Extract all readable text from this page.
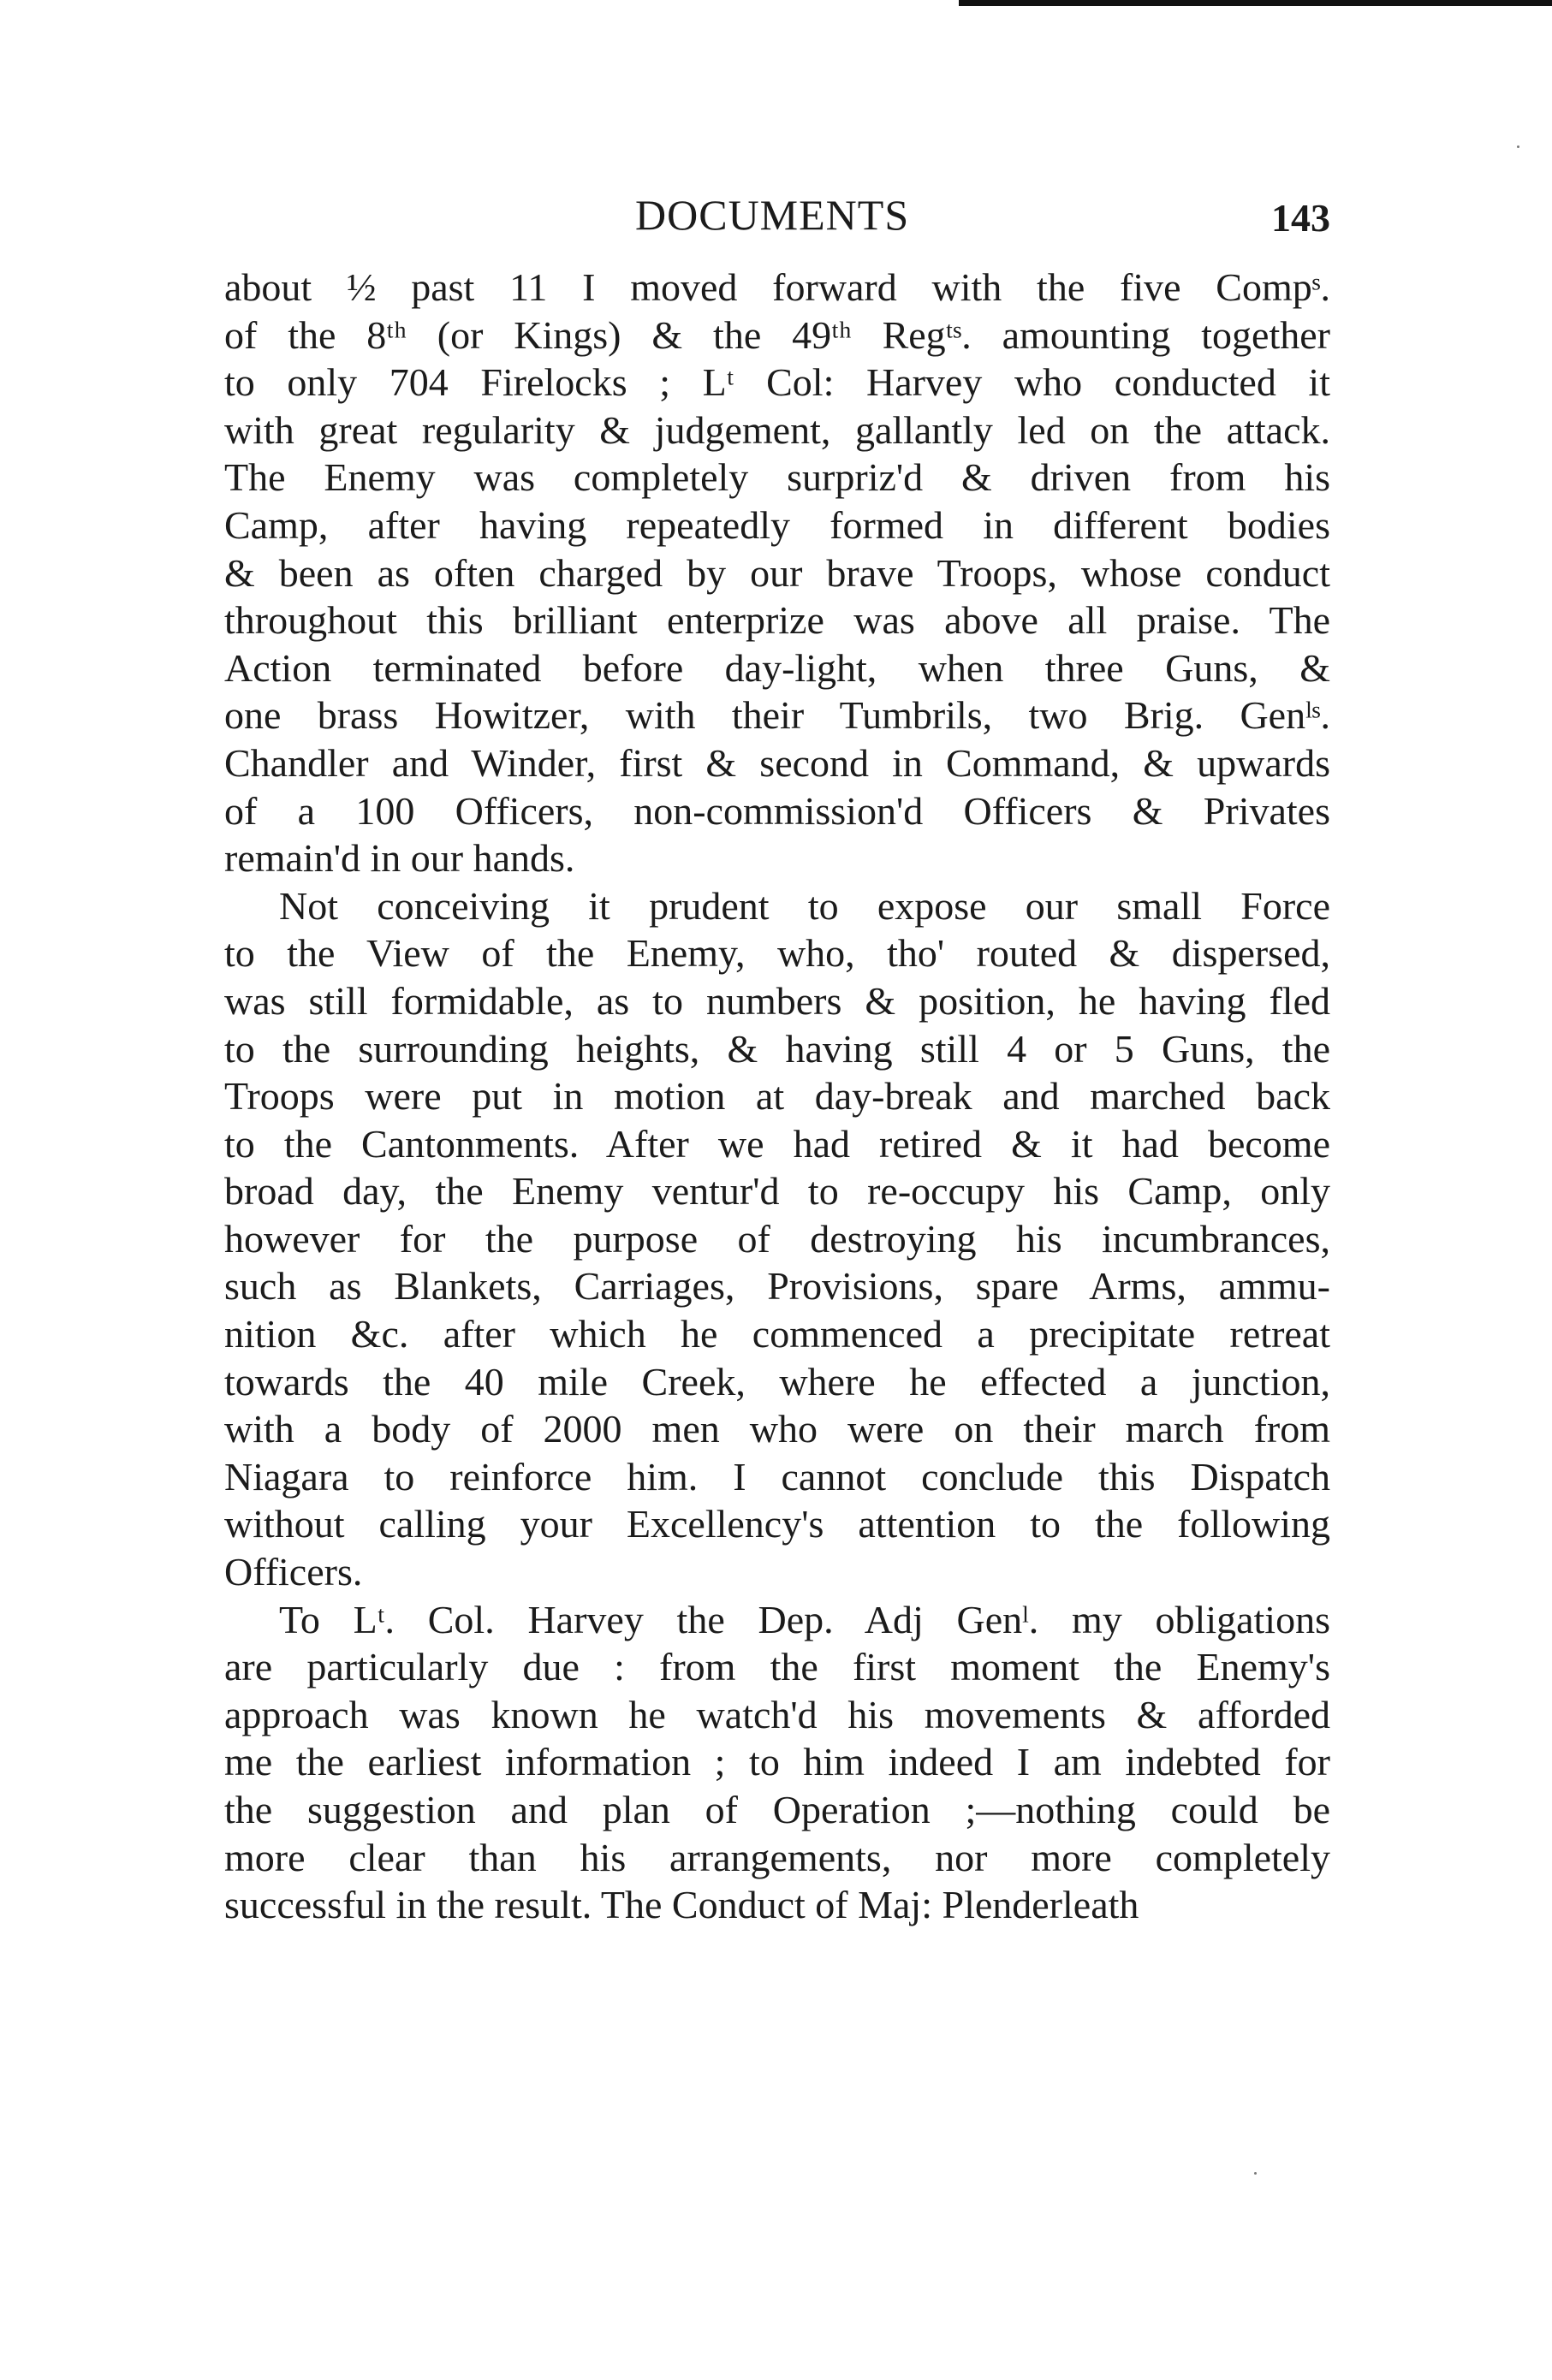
DOCUMENTS	143
about ½ past 11 I moved forward with the five Compˢ.
of the 8ᵗʰ (or Kings) & the 49ᵗʰ Regᵗˢ. amounting together
to only 704 Firelocks ; Lᵗ Col: Harvey who conducted it
with great regularity & judgement, gallantly led on the attack.
The Enemy was completely surpriz'd & driven from his
Camp, after having repeatedly formed in different bodies
& been as often charged by our brave Troops, whose conduct
throughout this brilliant enterprize was above all praise. The
Action terminated before day-light, when three Guns, &
one brass Howitzer, with their Tumbrils, two Brig. Genˡˢ.
Chandler and Winder, first & second in Command, & upwards
of a 100 Officers, non-commission'd Officers & Privates
remain'd in our hands.
Not conceiving it prudent to expose our small Force
to the View of the Enemy, who, tho' routed & dispersed,
was still formidable, as to numbers & position, he having fled
to the surrounding heights, & having still 4 or 5 Guns, the
Troops were put in motion at day-break and marched back
to the Cantonments. After we had retired & it had become
broad day, the Enemy ventur'd to re-occupy his Camp, only
however for the purpose of destroying his incumbrances,
such as Blankets, Carriages, Provisions, spare Arms, ammu-
nition &c. after which he commenced a precipitate retreat
towards the 40 mile Creek, where he effected a junction,
with a body of 2000 men who were on their march from
Niagara to reinforce him. I cannot conclude this Dispatch
without calling your Excellency's attention to the following
Officers.
To Lᵗ. Col. Harvey the Dep. Adj Genˡ. my obligations
are particularly due : from the first moment the Enemy's
approach was known he watch'd his movements & afforded
me the earliest information ; to him indeed I am indebted for
the suggestion and plan of Operation ;—nothing could be
more clear than his arrangements, nor more completely
successful in the result. The Conduct of Maj: Plenderleath
